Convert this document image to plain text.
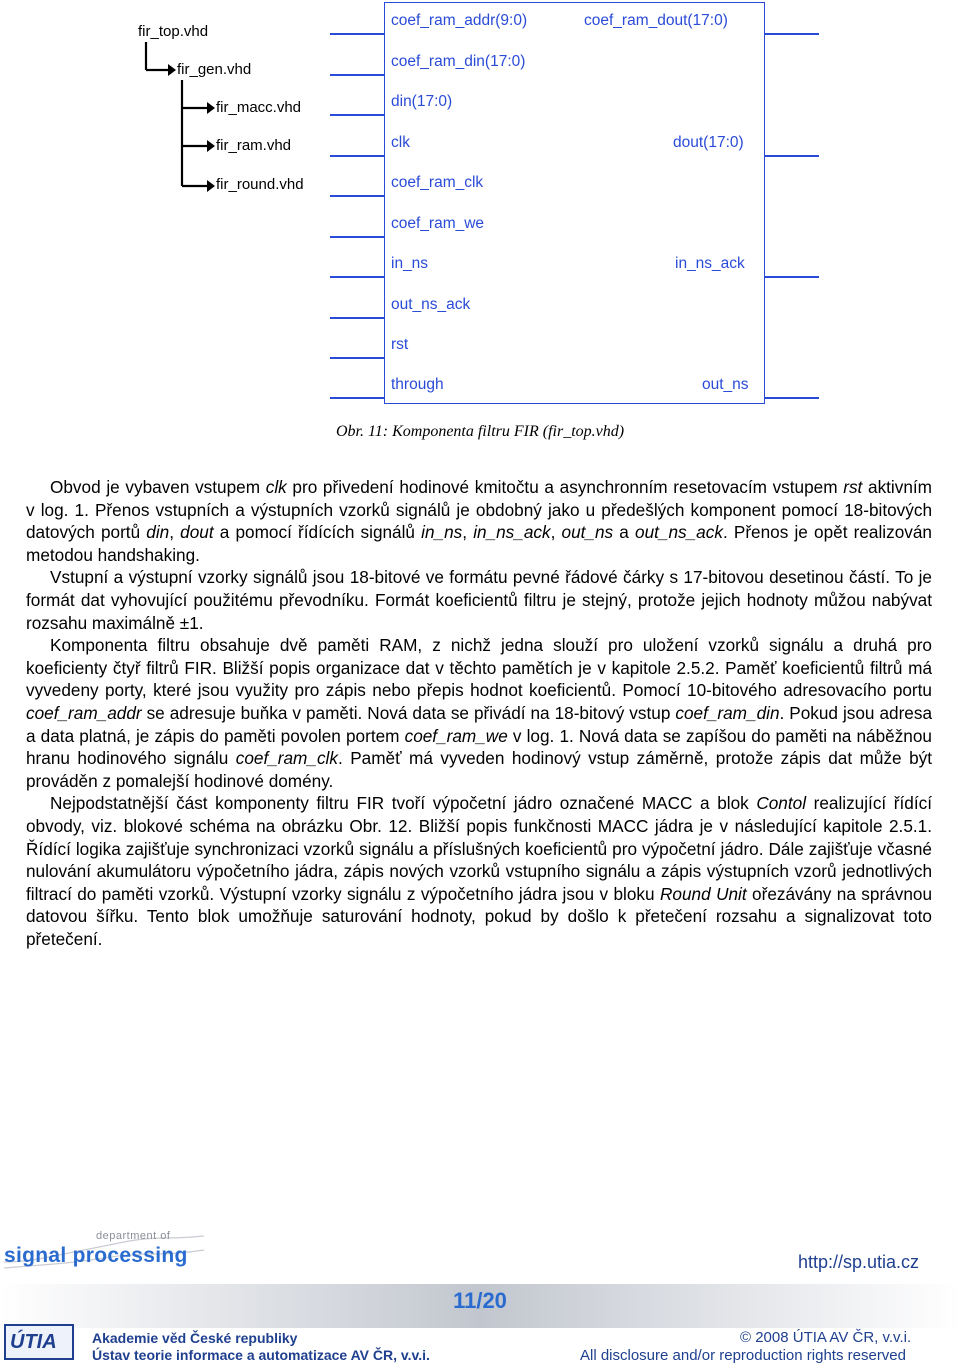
fir_top.vhd
fir_gen.vhd
fir_macc.vhd
fir_ram.vhd
fir_round.vhd
coef_ram_addr(9:0)
coef_ram_din(17:0)
din(17:0)
clk
coef_ram_clk
coef_ram_we
in_ns
out_ns_ack
rst
through
coef_ram_dout(17:0)
dout(17:0)
in_ns_ack
out_ns
Obr. 11: Komponenta filtru FIR (fir_top.vhd)

Obvod je vybaven vstupem clk pro přivedení hodinové kmitočtu a asynchronním resetovacím vstupem rst aktivním v log. 1. Přenos vstupních a výstupních vzorků signálů je obdobný jako u předešlých komponent pomocí 18-bitových datových portů din, dout a pomocí řídících signálů in_ns, in_ns_ack, out_ns a out_ns_ack. Přenos je opět realizován metodou handshaking.

Vstupní a výstupní vzorky signálů jsou 18-bitové ve formátu pevné řádové čárky s 17-bitovou desetinou částí. To je formát dat vyhovující použitému převodníku. Formát koeficientů filtru je stejný, protože jejich hodnoty můžou nabývat rozsahu maximálně ±1.

Komponenta filtru obsahuje dvě paměti RAM, z nichž jedna slouží pro uložení vzorků signálu a druhá pro koeficienty čtyř filtrů FIR. Bližší popis organizace dat v těchto pamětích je v kapitole 2.5.2. Paměť koeficientů filtrů má vyvedeny porty, které jsou využity pro zápis nebo přepis hodnot koeficientů. Pomocí 10-bitového adresovacího portu coef_ram_addr se adresuje buňka v paměti. Nová data se přivádí na 18-bitový vstup coef_ram_din. Pokud jsou adresa a data platná, je zápis do paměti povolen portem coef_ram_we v log. 1. Nová data se zapíšou do paměti na náběžnou hranu hodinového signálu coef_ram_clk. Paměť má vyveden hodinový vstup záměrně, protože zápis dat může být prováděn z pomalejší hodinové domény.

Nejpodstatnější část komponenty filtru FIR tvoří výpočetní jádro označené MACC a blok Contol realizující řídící obvody, viz. blokové schéma na obrázku Obr. 12. Bližší popis funkčnosti MACC jádra je v následující kapitole 2.5.1. Řídící logika zajišťuje synchronizaci vzorků signálu a příslušných koeficientů pro výpočetní jádro. Dále zajišťuje včasné nulování akumulátoru výpočetního jádra, zápis nových vzorků vstupního signálu a zápis výstupních vzorů jednotlivých filtrací do paměti vzorků. Výstupní vzorky signálu z výpočetního jádra jsou v bloku Round Unit ořezávány na správnou datovou šířku. Tento blok umožňuje saturování hodnoty, pokud by došlo k přetečení rozsahu a signalizovat toto přetečení.

department of
signal processing	http://sp.utia.cz
11/20
ÚTIA	Akademie věd České republiky
Ústav teorie informace a automatizace AV ČR, v.v.i.
© 2008 ÚTIA AV ČR, v.v.i.
All disclosure and/or reproduction rights reserved
